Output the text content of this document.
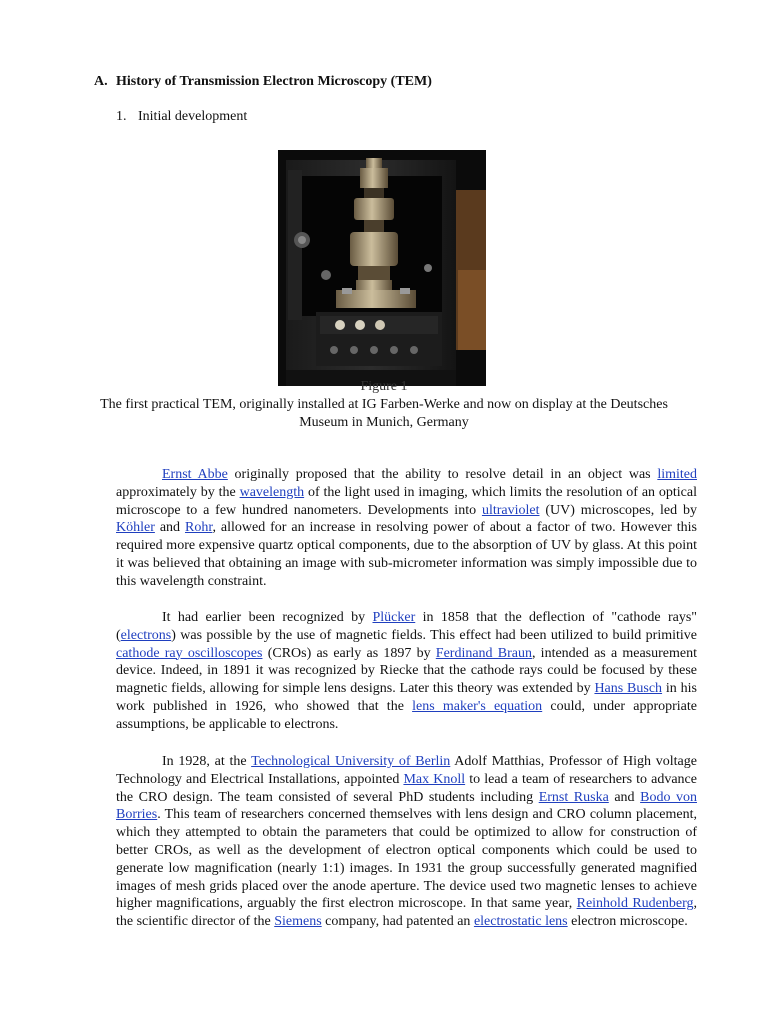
A. History of Transmission Electron Microscopy (TEM)
1. Initial development
Figure 1
The first practical TEM, originally installed at IG Farben-Werke and now on display at the Deutsches Museum in Munich, Germany

Ernst Abbe originally proposed that the ability to resolve detail in an object was limited approximately by the wavelength of the light used in imaging, which limits the resolution of an optical microscope to a few hundred nanometers. Developments into ultraviolet (UV) microscopes, led by Köhler and Rohr, allowed for an increase in resolving power of about a factor of two. However this required more expensive quartz optical components, due to the absorption of UV by glass. At this point it was believed that obtaining an image with sub-micrometer information was simply impossible due to this wavelength constraint.

It had earlier been recognized by Plücker in 1858 that the deflection of "cathode rays" (electrons) was possible by the use of magnetic fields. This effect had been utilized to build primitive cathode ray oscilloscopes (CROs) as early as 1897 by Ferdinand Braun, intended as a measurement device. Indeed, in 1891 it was recognized by Riecke that the cathode rays could be focused by these magnetic fields, allowing for simple lens designs. Later this theory was extended by Hans Busch in his work published in 1926, who showed that the lens maker's equation could, under appropriate assumptions, be applicable to electrons.

In 1928, at the Technological University of Berlin Adolf Matthias, Professor of High voltage Technology and Electrical Installations, appointed Max Knoll to lead a team of researchers to advance the CRO design. The team consisted of several PhD students including Ernst Ruska and Bodo von Borries. This team of researchers concerned themselves with lens design and CRO column placement, which they attempted to obtain the parameters that could be optimized to allow for construction of better CROs, as well as the development of electron optical components which could be used to generate low magnification (nearly 1:1) images. In 1931 the group successfully generated magnified images of mesh grids placed over the anode aperture. The device used two magnetic lenses to achieve higher magnifications, arguably the first electron microscope. In that same year, Reinhold Rudenberg, the scientific director of the Siemens company, had patented an electrostatic lens electron microscope.
